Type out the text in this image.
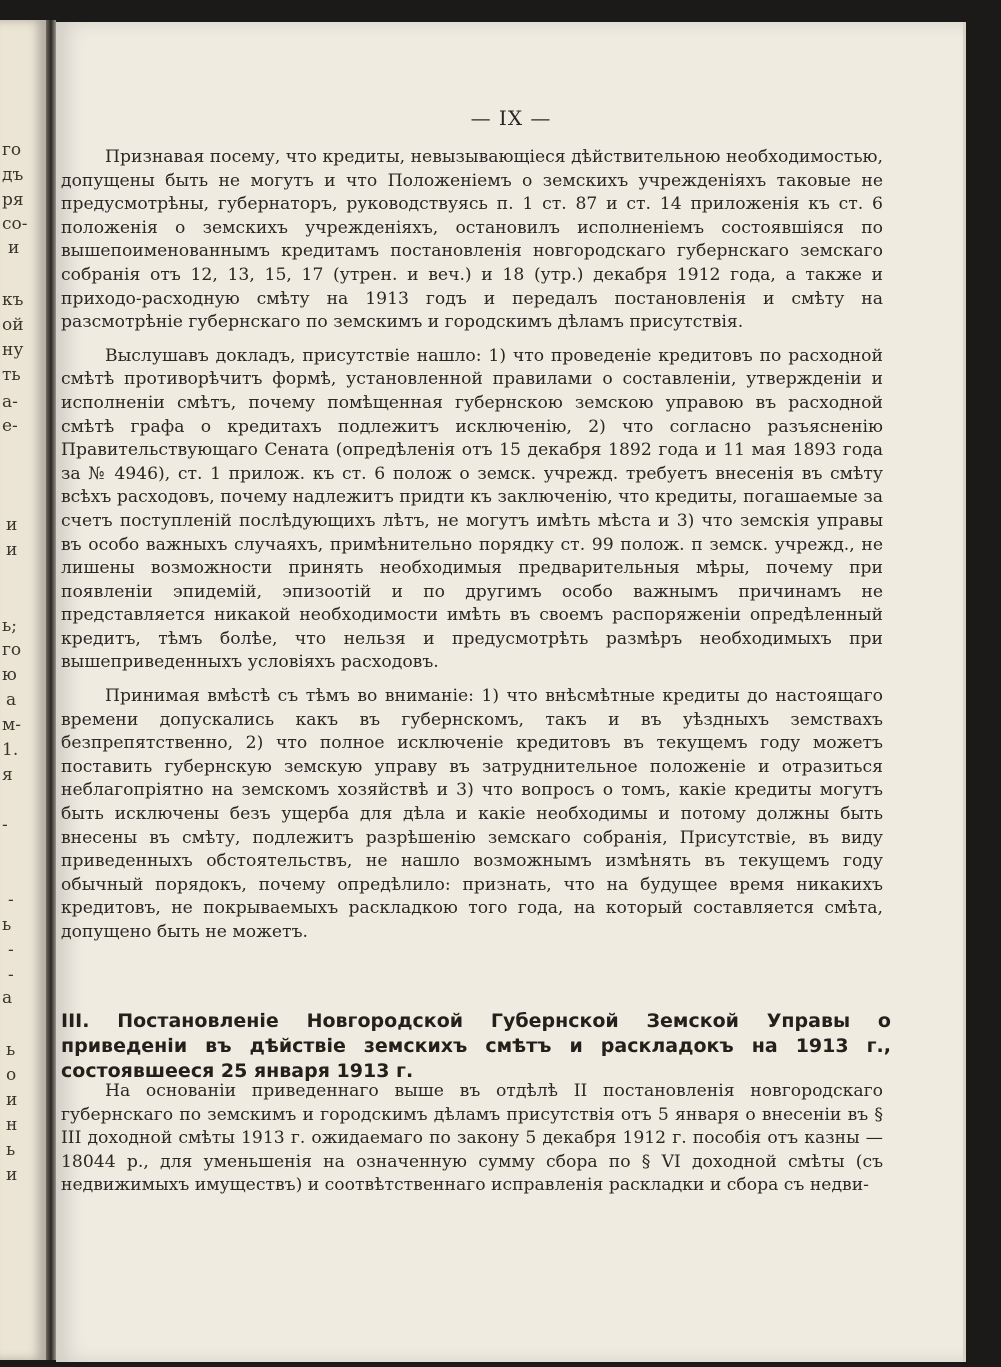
го
дъ
ря
со-
и
къ
ой
ну
ть
а-
е-
и
и
ь;
го
ю
а
м-
1.
я
-
-
ь
-
-
а
ь
о
и
н
ь
и
— IX —

Признавая посему, что кредиты, невызывающіеся дѣйствительною необходимостью, допущены быть не могутъ и что Положеніемъ о земскихъ учрежденіяхъ таковые не предусмотрѣны, губернаторъ, руководствуясь п. 1 ст. 87 и ст. 14 приложенія къ ст. 6 положенія о земскихъ учрежденіяхъ, остановилъ исполненіемъ состоявшіяся по вышепоименованнымъ кредитамъ постановленія новгородскаго губернскаго земскаго собранія отъ 12, 13, 15, 17 (утрен. и веч.) и 18 (утр.) декабря 1912 года, а также и приходо-расходную смѣту на 1913 годъ и передалъ постановленія и смѣту на разсмотрѣніе губернскаго по земскимъ и городскимъ дѣламъ присутствія.

Выслушавъ докладъ, присутствіе нашло: 1) что проведеніе кредитовъ по расходной смѣтѣ противорѣчитъ формѣ, установленной правилами о составленіи, утвержденіи и исполненіи смѣтъ, почему помѣщенная губернскою земскою управою въ расходной смѣтѣ графа о кредитахъ подлежитъ исключенію, 2) что согласно разъясненію Правительствующаго Сената (опредѣленія отъ 15 декабря 1892 года и 11 мая 1893 года за № 4946), ст. 1 прилож. къ ст. 6 полож о земск. учрежд. требуетъ внесенія въ смѣту всѣхъ расходовъ, почему надлежитъ придти къ заключенію, что кредиты, погашаемые за счетъ поступленій послѣдующихъ лѣтъ, не могутъ имѣть мѣста и 3) что земскія управы въ особо важныхъ случаяхъ, примѣнительно порядку ст. 99 полож. п земск. учрежд., не лишены возможности принять необходимыя предварительныя мѣры, почему при появленіи эпидемій, эпизоотій и по другимъ особо важнымъ причинамъ не представляется никакой необходимости имѣть въ своемъ распоряженіи опредѣленный кредитъ, тѣмъ болѣе, что нельзя и предусмотрѣть размѣръ необходимыхъ при вышеприведенныхъ условіяхъ расходовъ.

Принимая вмѣстѣ съ тѣмъ во вниманіе: 1) что внѣсмѣтные кредиты до настоящаго времени допускались какъ въ губернскомъ, такъ и въ уѣздныхъ земствахъ безпрепятственно, 2) что полное исключеніе кредитовъ въ текущемъ году можетъ поставить губернскую земскую управу въ затруднительное положеніе и отразиться неблагопріятно на земскомъ хозяйствѣ и 3) что вопросъ о томъ, какіе кредиты могутъ быть исключены безъ ущерба для дѣла и какіе необходимы и потому должны быть внесены въ смѣту, подлежитъ разрѣшенію земскаго собранія, Присутствіе, въ виду приведенныхъ обстоятельствъ, не нашло возможнымъ измѣнять въ текущемъ году обычный порядокъ, почему опредѣлило: признать, что на будущее время никакихъ кредитовъ, не покрываемыхъ раскладкою того года, на который составляется смѣта, допущено быть не можетъ.

III. Постановленіе Новгородской Губернской Земской Управы о приведеніи въ дѣйствіе земскихъ смѣтъ и раскладокъ на 1913 г., состоявшееся 25 января 1913 г.

На основаніи приведеннаго выше въ отдѣлѣ II постановленія новгородскаго губернскаго по земскимъ и городскимъ дѣламъ присутствія отъ 5 января о внесеніи въ § III доходной смѣты 1913 г. ожидаемаго по закону 5 декабря 1912 г. пособія отъ казны — 18044 р., для уменьшенія на означенную сумму сбора по § VI доходной смѣты (съ недвижимыхъ имуществъ) и соотвѣтственнаго исправленія раскладки и сбора съ недви-
